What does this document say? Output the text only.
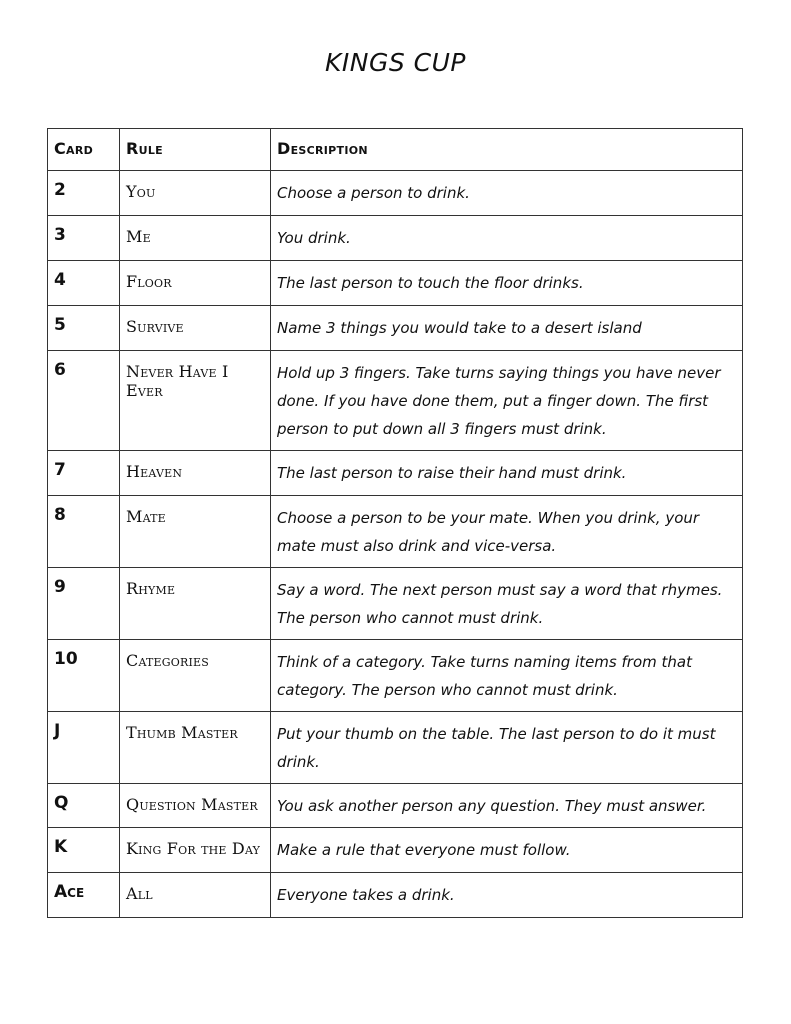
KINGS CUP
Card	Rule	Description
2	You	Choose a person to drink.
3	Me	You drink.
4	Floor	The last person to touch the floor drinks.
5	Survive	Name 3 things you would take to a desert island
6	Never Have I Ever	Hold up 3 fingers. Take turns saying things you have never done. If you have done them, put a finger down. The first person to put down all 3 fingers must drink.
7	Heaven	The last person to raise their hand must drink.
8	Mate	Choose a person to be your mate. When you drink, your mate must also drink and vice-versa.
9	Rhyme	Say a word. The next person must say a word that rhymes. The person who cannot must drink.
10	Categories	Think of a category. Take turns naming items from that category. The person who cannot must drink.
J	Thumb Master	Put your thumb on the table. The last person to do it must drink.
Q	Question Master	You ask another person any question. They must answer.
K	King For the Day	Make a rule that everyone must follow.
Ace	All	Everyone takes a drink.
